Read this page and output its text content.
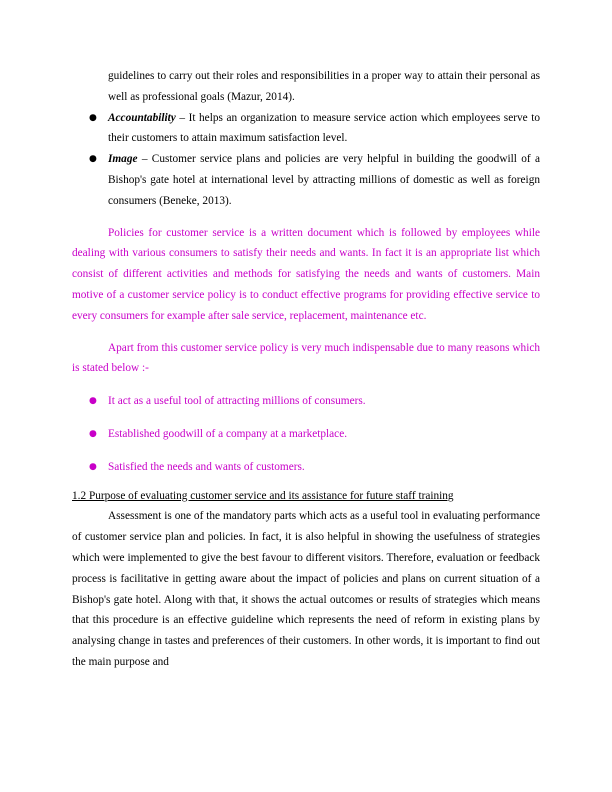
guidelines to carry out their roles and responsibilities in a proper way to attain their personal as well as professional goals (Mazur, 2014).

● Accountability – It helps an organization to measure service action which employees serve to their customers to attain maximum satisfaction level.
● Image – Customer service plans and policies are very helpful in building the goodwill of a Bishop's gate hotel at international level by attracting millions of domestic as well as foreign consumers (Beneke, 2013).

Policies for customer service is a written document which is followed by employees while dealing with various consumers to satisfy their needs and wants. In fact it is an appropriate list which consist of different activities and methods for satisfying the needs and wants of customers. Main motive of a customer service policy is to conduct effective programs for providing effective service to every consumers for example after sale service, replacement, maintenance etc.

Apart from this customer service policy is very much indispensable due to many reasons which is stated below :-

● It act as a useful tool of attracting millions of consumers.
● Established goodwill of a company at a marketplace.
● Satisfied the needs and wants of customers.

1.2 Purpose of evaluating customer service and its assistance for future staff training

Assessment is one of the mandatory parts which acts as a useful tool in evaluating performance of customer service plan and policies. In fact, it is also helpful in showing the usefulness of strategies which were implemented to give the best favour to different visitors. Therefore, evaluation or feedback process is facilitative in getting aware about the impact of policies and plans on current situation of a Bishop's gate hotel. Along with that, it shows the actual outcomes or results of strategies which means that this procedure is an effective guideline which represents the need of reform in existing plans by analysing change in tastes and preferences of their customers. In other words, it is important to find out the main purpose and
